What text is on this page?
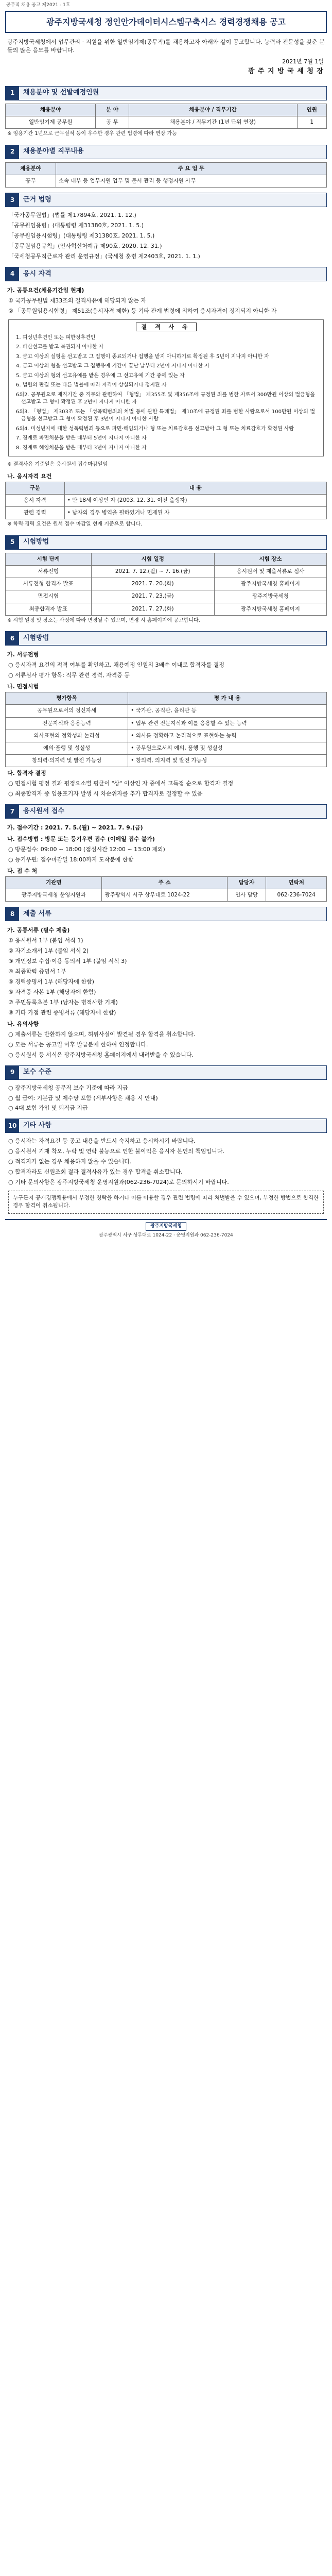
공무직 채용 공고 제2021 - 1호
광주지방국세청 정인안가데이터시스템구축시스 경력경쟁채용 공고
광주지방국세청에서 업무관리 · 지원을 위한 일반임기제(공무직)를 채용하고자 아래와 같이 공고합니다. 능력과 전문성을 갖춘 분들의 많은 응모를 바랍니다.
2021년 7월 1일
광 주 지 방 국 세 청 장
1	채용분야 및 선발예정인원
채용분야	분 야	채용분야 / 직무기간	인원
일반임기제 공무원	공 무	채용분야 / 직무기간 (1년 단위 연장)	1
※ 임용기간 1년으로 근무실적 등이 우수한 경우 관련 법령에 따라 연장 가능
2	채용분야별 직무내용
채용분야	주 요 업 무
공무	소속 내부 등 업무지원 업무 및 문서 관리 등 행정지원 사무
3	근거 법령
「국가공무원법」(법률 제17894호, 2021. 1. 12.)
「공무원임용령」(대통령령 제31380호, 2021. 1. 5.)
「공무원임용시험령」(대통령령 제31380호, 2021. 1. 5.)
「공무원임용규칙」(인사혁신처예규 제90호, 2020. 12. 31.)
「국세청공무직근로자 관리 운영규정」(국세청 훈령 제2403호, 2021. 1. 1.)
4	응시 자격
가. 공통요건(채용기간일 현재)
① 국가공무원법 제33조의 결격사유에 해당되지 않는 자
② 「공무원임용시험령」 제51조(응시자격 제한) 등 기타 관계 법령에 의하여 응시자격이 정지되지 아니한 자
결 격 사 유
1. 피성년후견인 또는 피한정후견인
2. 파산선고를 받고 복권되지 아니한 자
3. 금고 이상의 실형을 선고받고 그 집행이 종료되거나 집행을 받지 아니하기로 확정된 후 5년이 지나지 아니한 자
4. 금고 이상의 형을 선고받고 그 집행유예 기간이 끝난 날부터 2년이 지나지 아니한 자
5. 금고 이상의 형의 선고유예를 받은 경우에 그 선고유예 기간 중에 있는 자
6. 법원의 판결 또는 다른 법률에 따라 자격이 상실되거나 정지된 자
6의2. 공무원으로 재직기간 중 직무와 관련하여 「형법」 제355조 및 제356조에 규정된 죄를 범한 자로서 300만원 이상의 벌금형을 선고받고 그 형이 확정된 후 2년이 지나지 아니한 자
6의3. 「형법」 제303조 또는 「성폭력범죄의 처벌 등에 관한 특례법」 제10조에 규정된 죄를 범한 사람으로서 100만원 이상의 벌금형을 선고받고 그 형이 확정된 후 3년이 지나지 아니한 사람
6의4. 미성년자에 대한 성폭력범죄 등으로 파면·해임되거나 형 또는 치료감호를 선고받아 그 형 또는 치료감호가 확정된 사람
7. 징계로 파면처분을 받은 때부터 5년이 지나지 아니한 자
8. 징계로 해임처분을 받은 때부터 3년이 지나지 아니한 자
※ 결격사유 기준일은 응시원서 접수마감일임
나. 응시자격 요건
구분	내 용
응시 자격	• 만 18세 이상인 자 (2003. 12. 31. 이전 출생자)
관련 경력	• 남자의 경우 병역을 필하였거나 면제된 자
※ 학력·경력 요건은 원서 접수 마감일 현재 기준으로 합니다.
5	시험방법
시험 단계	시험 일정	시험 장소
서류전형	2021. 7. 12.(월) ~ 7. 16.(금)	응시원서 및 제출서류로 심사
서류전형 합격자 발표	2021. 7. 20.(화)	광주지방국세청 홈페이지
면접시험	2021. 7. 23.(금)	광주지방국세청
최종합격자 발표	2021. 7. 27.(화)	광주지방국세청 홈페이지
※ 시험 일정 및 장소는 사정에 따라 변경될 수 있으며, 변경 시 홈페이지에 공고합니다.
6	시험방법
가. 서류전형
○ 응시자격 요건의 적격 여부를 확인하고, 채용예정 인원의 3배수 이내로 합격자를 결정
○ 서류심사 평가 항목: 직무 관련 경력, 자격증 등
나. 면접시험
평가항목	평 가 내 용
공무원으로서의 정신자세	• 국가관, 공직관, 윤리관 등
전문지식과 응용능력	• 업무 관련 전문지식과 이를 응용할 수 있는 능력
의사표현의 정확성과 논리성	• 의사를 정확하고 논리적으로 표현하는 능력
예의·품행 및 성실성	• 공무원으로서의 예의, 품행 및 성실성
창의력·의지력 및 발전 가능성	• 창의력, 의지력 및 발전 가능성
다. 합격자 결정
○ 면접시험 평정 결과 평정요소별 평균이 "상" 이상인 자 중에서 고득점 순으로 합격자 결정
○ 최종합격자 중 임용포기자 발생 시 차순위자를 추가 합격자로 결정할 수 있음
7	응시원서 접수
가. 접수기간 : 2021. 7. 5.(월) ~ 2021. 7. 9.(금)
나. 접수방법 : 방문 또는 등기우편 접수 (이메일 접수 불가)
○ 방문접수: 09:00 ~ 18:00 (점심시간 12:00 ~ 13:00 제외)
○ 등기우편: 접수마감일 18:00까지 도착분에 한함
다. 접 수 처
기관명	주 소	담당자	연락처
광주지방국세청 운영지원과	광주광역시 서구 상무대로 1024-22	인사 담당	062-236-7024
8	제출 서류
가. 공통서류 (필수 제출)
① 응시원서 1부 (붙임 서식 1)
② 자기소개서 1부 (붙임 서식 2)
③ 개인정보 수집·이용 동의서 1부 (붙임 서식 3)
④ 최종학력 증명서 1부
⑤ 경력증명서 1부 (해당자에 한함)
⑥ 자격증 사본 1부 (해당자에 한함)
⑦ 주민등록초본 1부 (남자는 병적사항 기재)
⑧ 기타 가점 관련 증빙서류 (해당자에 한함)
나. 유의사항
○ 제출서류는 반환하지 않으며, 허위사실이 발견될 경우 합격을 취소합니다.
○ 모든 서류는 공고일 이후 발급분에 한하여 인정합니다.
○ 응시원서 등 서식은 광주지방국세청 홈페이지에서 내려받을 수 있습니다.
9	보수 수준
○ 광주지방국세청 공무직 보수 기준에 따라 지급
○ 월 급여: 기본급 및 제수당 포함 (세부사항은 채용 시 안내)
○ 4대 보험 가입 및 퇴직금 지급
10 기타 사항
○ 응시자는 자격요건 등 공고 내용을 반드시 숙지하고 응시하시기 바랍니다.
○ 응시원서 기재 착오, 누락 및 연락 불능으로 인한 불이익은 응시자 본인의 책임입니다.
○ 적격자가 없는 경우 채용하지 않을 수 있습니다.
○ 합격자라도 신원조회 결과 결격사유가 있는 경우 합격을 취소합니다.
○ 기타 문의사항은 광주지방국세청 운영지원과(062-236-7024)로 문의하시기 바랍니다.
누구든지 공개경쟁채용에서 부정한 청탁을 하거나 이를 이용할 경우 관련 법령에 따라 처벌받을 수 있으며, 부정한 방법으로 합격한 경우 합격이 취소됩니다.
광주지방국세청
광주광역시 서구 상무대로 1024-22 · 운영지원과 062-236-7024
